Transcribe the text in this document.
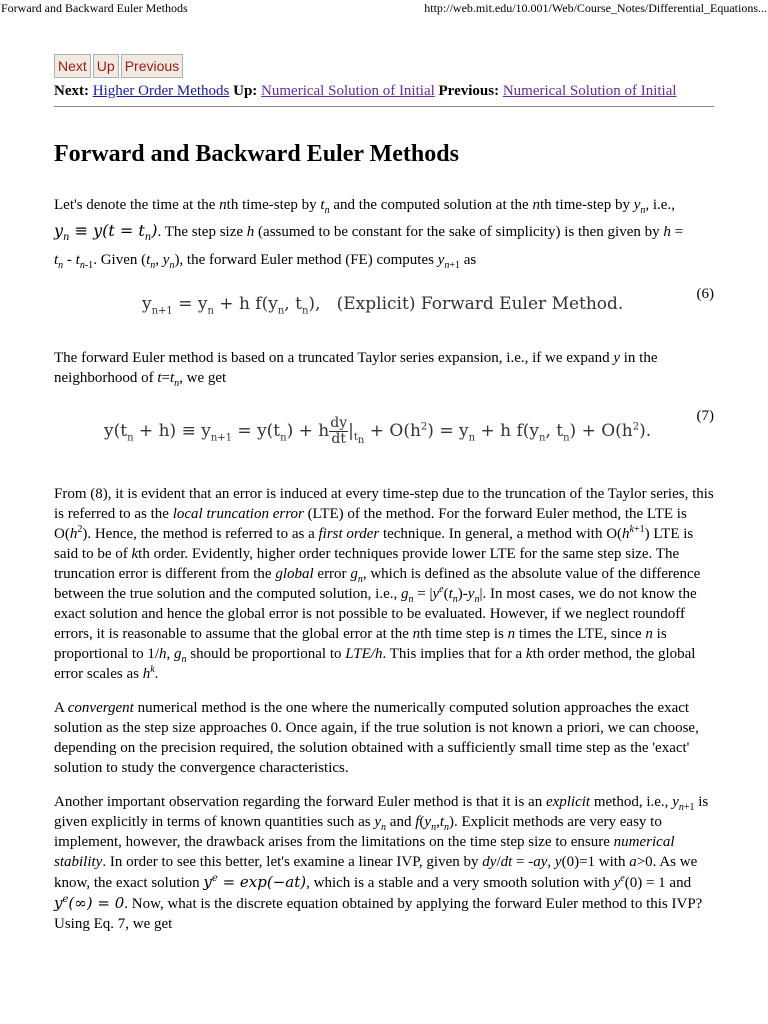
Forward and Backward Euler Methods	http://web.mit.edu/10.001/Web/Course_Notes/Differential_Equations...
Next Up Previous
Next: Higher Order Methods Up: Numerical Solution of Initial Previous: Numerical Solution of Initial
Forward and Backward Euler Methods

Let's denote the time at the nth time-step by $t_n$ and the computed solution at the nth time-step by $y_n$, i.e.,

$y_n \equiv y(t = t_n)$. The step size h (assumed to be constant for the sake of simplicity) is then given by h =

$t_n - t_{n-1}$. Given ($t_n$, $y_n$), the forward Euler method (FE) computes $y_{n+1}$ as

$y_{n+1} = y_n + h$ $f(y_n$, $t_n$),   (Explicit) Forward Euler Method.	(6)

The forward Euler method is based on a truncated Taylor series expansion, i.e., if we expand y in the neighborhood of $t=t_n$, we get

$y(t_n + h) \equiv y_{n+1} = y(t_n) + h \frac{dy}{dt} |_{t_n} + O(h^2) = y_n + h$ $f(y_n$, $t_n) + O(h^2)$.
(7)

From (8), it is evident that an error is induced at every time-step due to the truncation of the Taylor series, this is referred to as the local truncation error (LTE) of the method. For the forward Euler method, the LTE is $O(h^2)$. Hence, the method is referred to as a first order technique. In general, a method with $O(h^{k+1})$ LTE is said to be of kth order. Evidently, higher order techniques provide lower LTE for the same step size. The truncation error is different from the global error $g_n$, which is defined as the absolute value of the difference between the true solution and the computed solution, i.e., $g_n = |y^e(t_n)-y_n|$. In most cases, we do not know the exact solution and hence the global error is not possible to be evaluated. However, if we neglect roundoff errors, it is reasonable to assume that the global error at the nth time step is n times the LTE, since n is proportional to 1/h, $g_n$ should be proportional to LTE/h. This implies that for a kth order method, the global error scales as $h^k$.

A convergent numerical method is the one where the numerically computed solution approaches the exact solution as the step size approaches 0. Once again, if the true solution is not known a priori, we can choose, depending on the precision required, the solution obtained with a sufficiently small time step as the 'exact' solution to study the convergence characteristics.

Another important observation regarding the forward Euler method is that it is an explicit method, i.e., $y_{n+1}$ is given explicitly in terms of known quantities such as $y_n$ and $f(y_n,t_n)$. Explicit methods are very easy to implement, however, the drawback arises from the limitations on the time step size to ensure numerical stability. In order to see this better, let's examine a linear IVP, given by dy/dt = -ay, y(0)=1 with a>0. As we know, the exact solution $y^e = \exp(-at)$, which is a stable and a very smooth solution with $y^e(0) = 1$ and $y^e(\infty) = 0$. Now, what is the discrete equation obtained by applying the forward Euler method to this IVP? Using Eq. 7, we get
